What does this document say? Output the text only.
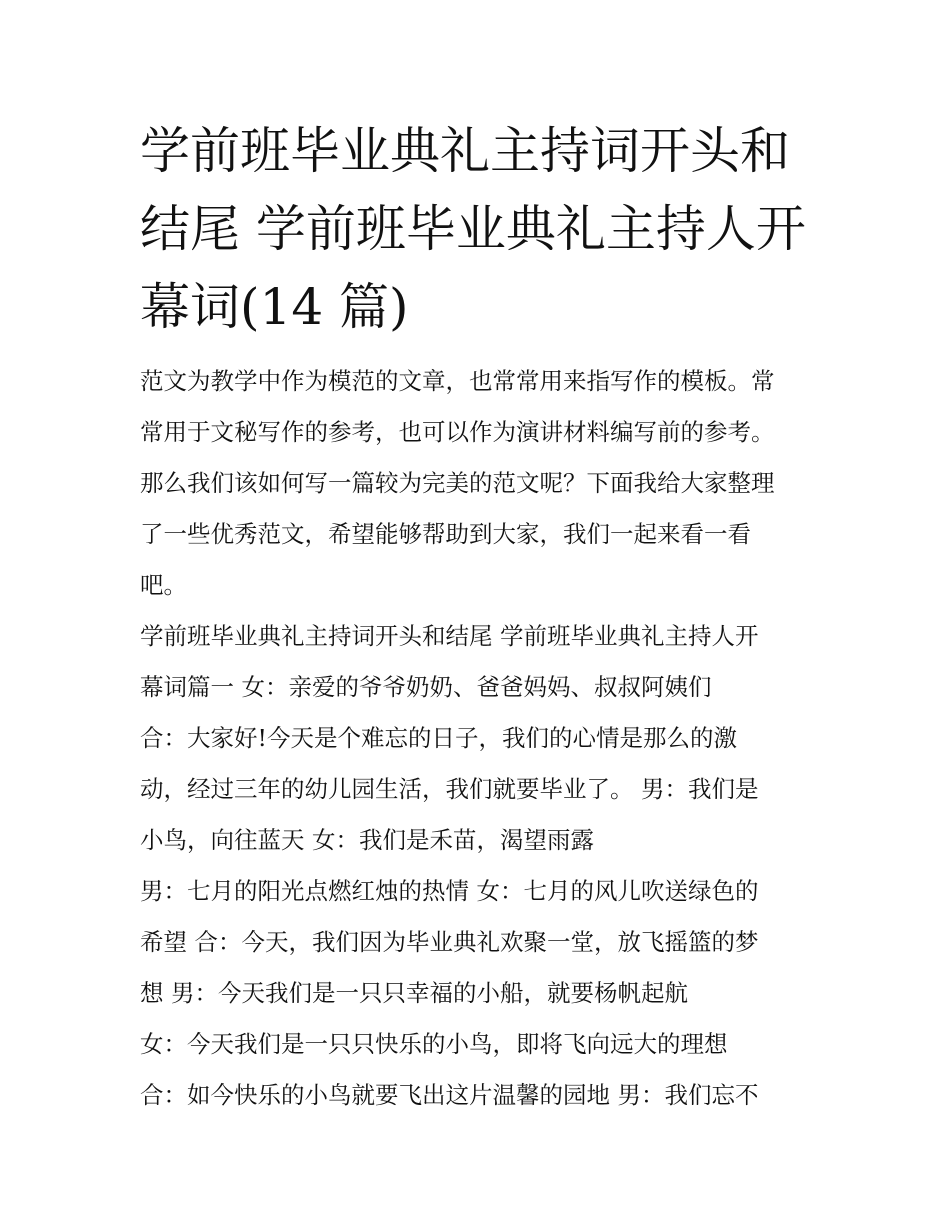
学前班毕业典礼主持词开头和
结尾 学前班毕业典礼主持人开
幕词(14 篇)
范文为教学中作为模范的文章，也常常用来指写作的模板。常
常用于文秘写作的参考，也可以作为演讲材料编写前的参考。
那么我们该如何写一篇较为完美的范文呢？下面我给大家整理
了一些优秀范文，希望能够帮助到大家，我们一起来看一看
吧。
学前班毕业典礼主持词开头和结尾 学前班毕业典礼主持人开
幕词篇一 女：亲爱的爷爷奶奶、爸爸妈妈、叔叔阿姨们
合：大家好!今天是个难忘的日子，我们的心情是那么的激
动，经过三年的幼儿园生活，我们就要毕业了。 男：我们是
小鸟，向往蓝天 女：我们是禾苗，渴望雨露
男：七月的阳光点燃红烛的热情 女：七月的风儿吹送绿色的
希望 合：今天，我们因为毕业典礼欢聚一堂，放飞摇篮的梦
想 男：今天我们是一只只幸福的小船，就要杨帆起航
女：今天我们是一只只快乐的小鸟，即将飞向远大的理想
合：如今快乐的小鸟就要飞出这片温馨的园地 男：我们忘不
